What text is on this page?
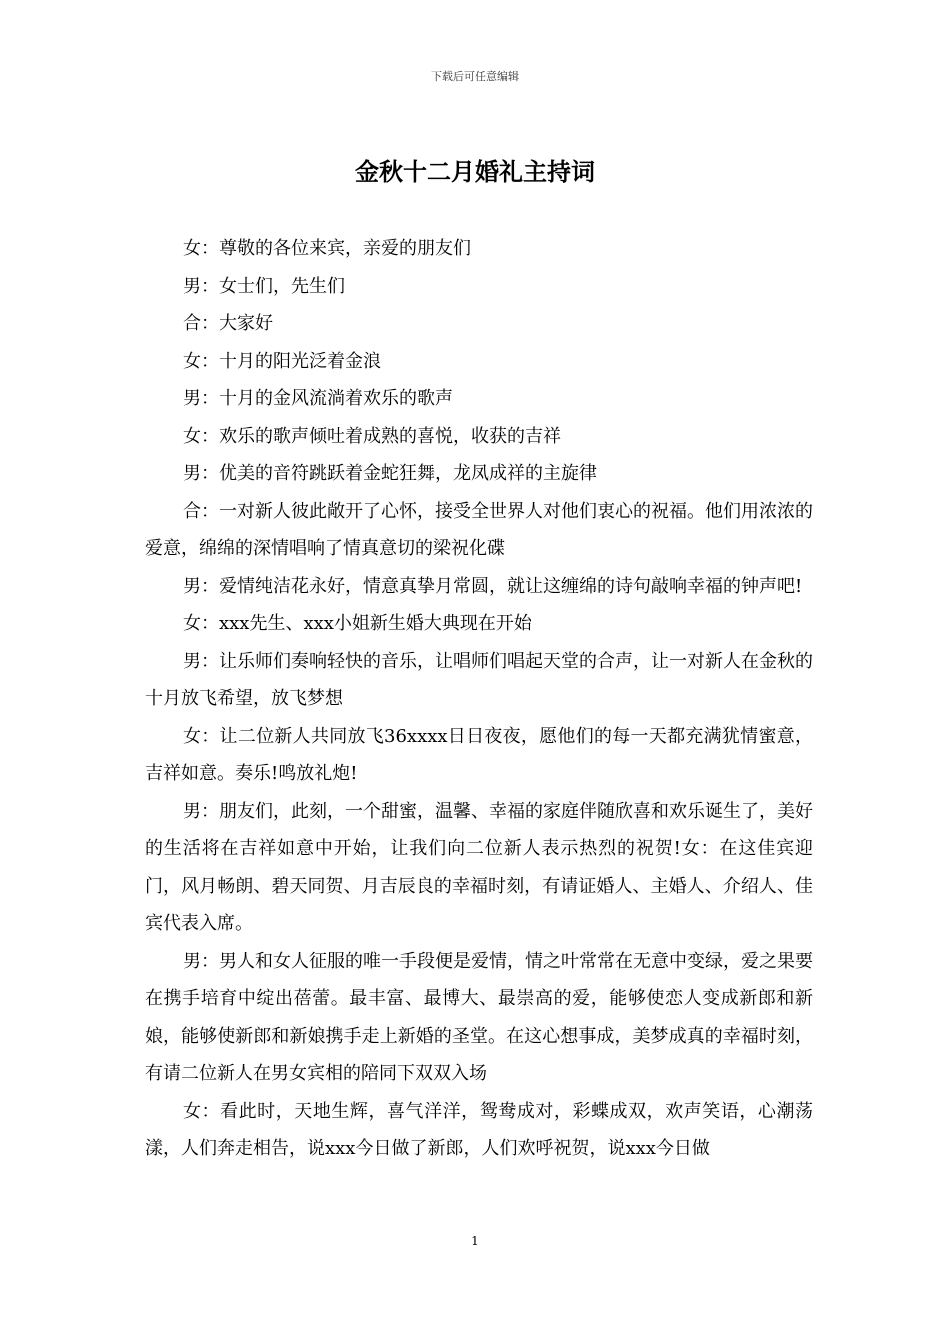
下载后可任意编辑
金秋十二月婚礼主持词

女：尊敬的各位来宾，亲爱的朋友们

男：女士们，先生们

合：大家好

女：十月的阳光泛着金浪

男：十月的金风流淌着欢乐的歌声

女：欢乐的歌声倾吐着成熟的喜悦，收获的吉祥

男：优美的音符跳跃着金蛇狂舞，龙凤成祥的主旋律

合：一对新人彼此敞开了心怀，接受全世界人对他们衷心的祝福。他们用浓浓的爱意，绵绵的深情唱响了情真意切的梁祝化碟

男：爱情纯洁花永好，情意真挚月常圆，就让这缠绵的诗句敲响幸福的钟声吧!

女：xxx先生、xxx小姐新生婚大典现在开始

男：让乐师们奏响轻快的音乐，让唱师们唱起天堂的合声，让一对新人在金秋的十月放飞希望，放飞梦想

女：让二位新人共同放飞36xxxx日日夜夜，愿他们的每一天都充满犹情蜜意，吉祥如意。奏乐!鸣放礼炮!

男：朋友们，此刻，一个甜蜜，温馨、幸福的家庭伴随欣喜和欢乐诞生了，美好的生活将在吉祥如意中开始，让我们向二位新人表示热烈的祝贺!女：在这佳宾迎门，风月畅朗、碧天同贺、月吉辰良的幸福时刻，有请证婚人、主婚人、介绍人、佳宾代表入席。

男：男人和女人征服的唯一手段便是爱情，情之叶常常在无意中变绿，爱之果要在携手培育中绽出蓓蕾。最丰富、最博大、最崇高的爱，能够使恋人变成新郎和新娘，能够使新郎和新娘携手走上新婚的圣堂。在这心想事成，美梦成真的幸福时刻，有请二位新人在男女宾相的陪同下双双入场

女：看此时，天地生辉，喜气洋洋，鸳鸯成对，彩蝶成双，欢声笑语，心潮荡漾，人们奔走相告，说xxx今日做了新郎，人们欢呼祝贺，说xxx今日做

1
